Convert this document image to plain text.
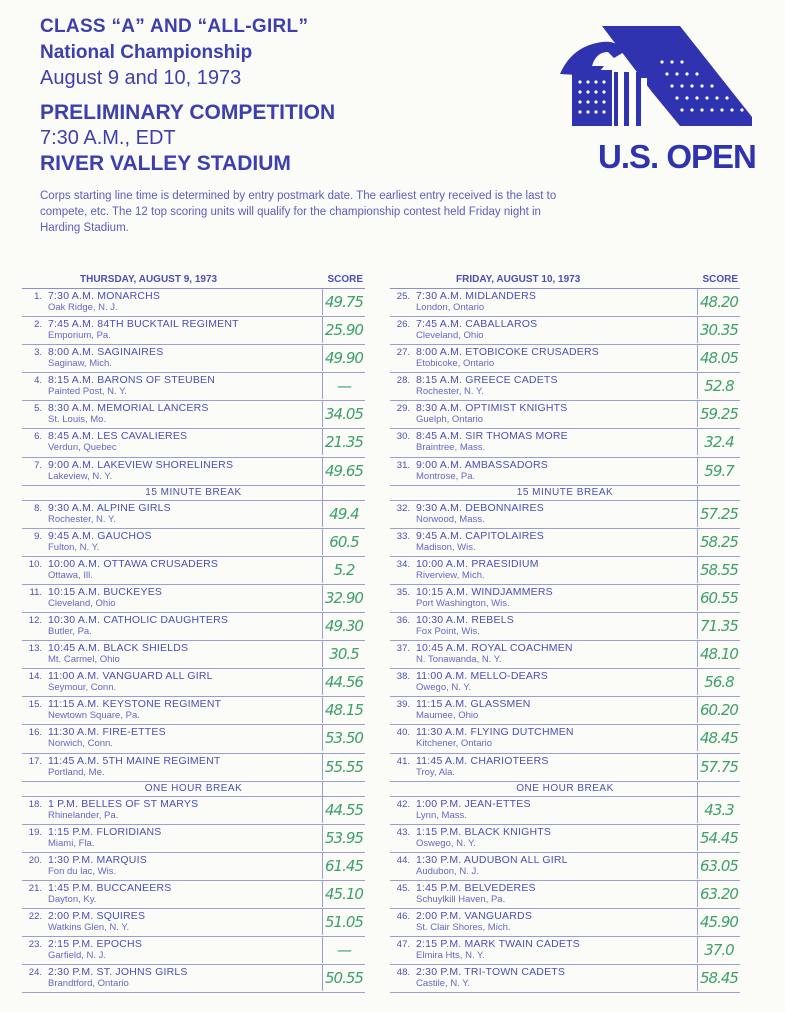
CLASS “A” AND “ALL-GIRL”
National Championship
August 9 and 10, 1973
PRELIMINARY COMPETITION
7:30 A.M., EDT
RIVER VALLEY STADIUM
Corps starting line time is determined by entry postmark date. The earliest entry received is the last to compete, etc. The 12 top scoring units will qualify for the championship contest held Friday night in Harding Stadium.
U.S. OPEN
THURSDAY, AUGUST 9, 1973	SCORE
1. 7:30 A.M. MONARCHS
Oak Ridge, N. J.	49.75
2. 7:45 A.M. 84TH BUCKTAIL REGIMENT
Emporium, Pa.	25.90
3. 8:00 A.M. SAGINAIRES
Saginaw, Mich.	49.90
4. 8:15 A.M. BARONS OF STEUBEN
Painted Post, N. Y.	—
5. 8:30 A.M. MEMORIAL LANCERS
St. Louis, Mo.	34.05
6. 8:45 A.M. LES CAVALIERES
Verdun, Quebec	21.35
7. 9:00 A.M. LAKEVIEW SHORELINERS
Lakeview, N. Y.	49.65
15 MINUTE BREAK
8. 9:30 A.M. ALPINE GIRLS
Rochester, N. Y.	49.4
9. 9:45 A.M. GAUCHOS
Fulton, N. Y.	60.5
10. 10:00 A.M. OTTAWA CRUSADERS
Ottawa, Ill.	5.2
11. 10:15 A.M. BUCKEYES
Cleveland, Ohio	32.90
12. 10:30 A.M. CATHOLIC DAUGHTERS
Butler, Pa.	49.30
13. 10:45 A.M. BLACK SHIELDS
Mt. Carmel, Ohio	30.5
14. 11:00 A.M. VANGUARD ALL GIRL
Seymour, Conn.	44.56
15. 11:15 A.M. KEYSTONE REGIMENT
Newtown Square, Pa.	48.15
16. 11:30 A.M. FIRE-ETTES
Norwich, Conn.	53.50
17. 11:45 A.M. 5TH MAINE REGIMENT
Portland, Me.	55.55
ONE HOUR BREAK
18. 1 P.M. BELLES OF ST MARYS
Rhinelander, Pa.	44.55
19. 1:15 P.M. FLORIDIANS
Miami, Fla.	53.95
20. 1:30 P.M. MARQUIS
Fon du lac, Wis.	61.45
21. 1:45 P.M. BUCCANEERS
Dayton, Ky.	45.10
22. 2:00 P.M. SQUIRES
Watkins Glen, N. Y.	51.05
23. 2:15 P.M. EPOCHS
Garfield, N. J.	—
24. 2:30 P.M. ST. JOHNS GIRLS
Brandtford, Ontario	50.55
FRIDAY, AUGUST 10, 1973	SCORE
25. 7:30 A.M. MIDLANDERS
London, Ontario	48.20
26. 7:45 A.M. CABALLAROS
Cleveland, Ohio	30.35
27. 8:00 A.M. ETOBICOKE CRUSADERS
Etobicoke, Ontario	48.05
28. 8:15 A.M. GREECE CADETS
Rochester, N. Y.	52.8
29. 8:30 A.M. OPTIMIST KNIGHTS
Guelph, Ontario	59.25
30. 8:45 A.M. SIR THOMAS MORE
Braintree, Mass.	32.4
31. 9:00 A.M. AMBASSADORS
Montrose, Pa.	59.7
15 MINUTE BREAK
32. 9:30 A.M. DEBONNAIRES
Norwood, Mass.	57.25
33. 9:45 A.M. CAPITOLAIRES
Madison, Wis.	58.25
34. 10:00 A.M. PRAESIDIUM
Riverview, Mich.	58.55
35. 10:15 A.M. WINDJAMMERS
Port Washington, Wis.	60.55
36. 10:30 A.M. REBELS
Fox Point, Wis.	71.35
37. 10:45 A.M. ROYAL COACHMEN
N. Tonawanda, N. Y.	48.10
38. 11:00 A.M. MELLO-DEARS
Owego, N. Y.	56.8
39. 11:15 A.M. GLASSMEN
Maumee, Ohio	60.20
40. 11:30 A.M. FLYING DUTCHMEN
Kitchener, Ontario	48.45
41. 11:45 A.M. CHARIOTEERS
Troy, Ala.	57.75
ONE HOUR BREAK
42. 1:00 P.M. JEAN-ETTES
Lynn, Mass.	43.3
43. 1:15 P.M. BLACK KNIGHTS
Oswego, N. Y.	54.45
44. 1:30 P.M. AUDUBON ALL GIRL
Audubon, N. J.	63.05
45. 1:45 P.M. BELVEDERES
Schuylkill Haven, Pa.	63.20
46. 2:00 P.M. VANGUARDS
St. Clair Shores, Mich.	45.90
47. 2:15 P.M. MARK TWAIN CADETS
Elmira Hts, N. Y.	37.0
48. 2:30 P.M. TRI-TOWN CADETS
Castile, N. Y.	58.45
